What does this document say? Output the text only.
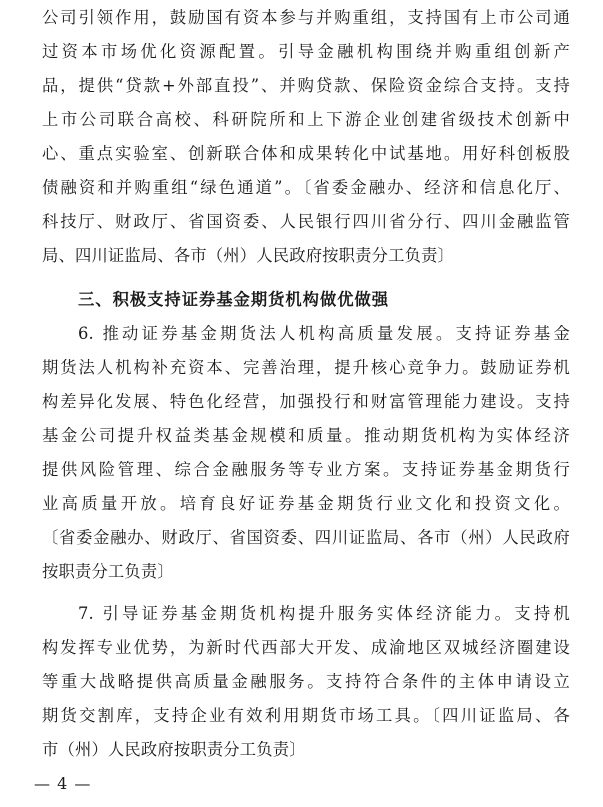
公司引领作用，鼓励国有资本参与并购重组，支持国有上市公司通
过资本市场优化资源配置。引导金融机构围绕并购重组创新产
品，提供“贷款+外部直投”、并购贷款、保险资金综合支持。支持
上市公司联合高校、科研院所和上下游企业创建省级技术创新中
心、重点实验室、创新联合体和成果转化中试基地。用好科创板股
债融资和并购重组“绿色通道”。〔省委金融办、经济和信息化厅、
科技厅、财政厅、省国资委、人民银行四川省分行、四川金融监管
局、四川证监局、各市（州）人民政府按职责分工负责〕
三、积极支持证券基金期货机构做优做强
6. 推动证券基金期货法人机构高质量发展。支持证券基金
期货法人机构补充资本、完善治理，提升核心竞争力。鼓励证券机
构差异化发展、特色化经营，加强投行和财富管理能力建设。支持
基金公司提升权益类基金规模和质量。推动期货机构为实体经济
提供风险管理、综合金融服务等专业方案。支持证券基金期货行
业高质量开放。培育良好证券基金期货行业文化和投资文化。
〔省委金融办、财政厅、省国资委、四川证监局、各市（州）人民政府
按职责分工负责〕
7. 引导证券基金期货机构提升服务实体经济能力。支持机
构发挥专业优势，为新时代西部大开发、成渝地区双城经济圈建设
等重大战略提供高质量金融服务。支持符合条件的主体申请设立
期货交割库，支持企业有效利用期货市场工具。〔四川证监局、各
市（州）人民政府按职责分工负责〕
— 4 —
